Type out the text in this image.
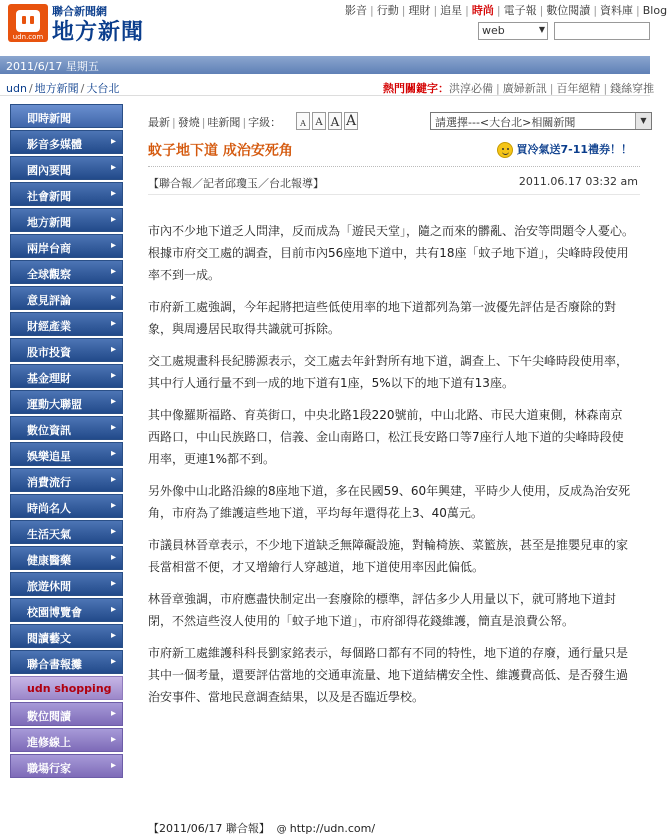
udn.com
聯合新聞網
地方新聞
影音 | 行動 | 理財 | 追星 | 時尚 | 電子報 | 數位閱讀 | 資料庫 | Blog
web	▼
2011/6/17 星期五
udn / 地方新聞 / 大台北	熱門關鍵字：洪淳必備 | 廣婦新訊 | 百年絕精 | 錢絲穿推
即時新聞
影音多媒體	▸
國內要聞	▸
社會新聞	▸
地方新聞	▸
兩岸台商	▸
全球觀察	▸
意見評論	▸
財經產業	▸
股市投資	▸
基金理財	▸
運動大聯盟	▸
數位資訊	▸
娛樂追星	▸
消費流行	▸
時尚名人	▸
生活天氣	▸
健康醫藥	▸
旅遊休閒	▸
校園博覽會	▸
閱讀藝文	▸
聯合書報攤	▸
udn shopping
數位閱讀	▸
進修線上	▸
職場行家	▸
最新 | 發燒 | 哇新聞 | 字級：	A A A A	請選擇---<大台北>相關新聞	▼
蚊子地下道 成治安死角	買冷氣送7-11禮券！！
【聯合報／記者邱瓊玉／台北報導】	2011.06.17 03:32 am

市內不少地下道乏人問津，反而成為「遊民天堂」，隨之而來的髒亂、治安等問題令人憂心。根據市府交工處的調查，目前市內56座地下道中，共有18座「蚊子地下道」，尖峰時段使用率不到一成。

市府新工處強調，今年起將把這些低使用率的地下道都列為第一波優先評估是否廢除的對象，與周邊居民取得共識就可拆除。

交工處規畫科長紀勝源表示，交工處去年針對所有地下道，調查上、下午尖峰時段使用率，其中行人通行量不到一成的地下道有1座，5%以下的地下道有13座。

其中像羅斯福路、育英街口，中央北路1段220號前，中山北路、市民大道東側，林森南京西路口，中山民族路口，信義、金山南路口，松江長安路口等7座行人地下道的尖峰時段使用率，更連1%都不到。

另外像中山北路沿線的8座地下道，多在民國59、60年興建，平時少人使用，反成為治安死角，市府為了維護這些地下道，平均每年還得花上3、40萬元。

市議員林晉章表示，不少地下道缺乏無障礙設施，對輪椅族、菜籃族，甚至是推嬰兒車的家長當相當不便，才又增繪行人穿越道，地下道使用率因此偏低。

林晉章強調，市府應盡快制定出一套廢除的標準，評估多少人用量以下，就可將地下道封閉，不然這些沒人使用的「蚊子地下道」，市府卻得花錢維護，簡直是浪費公帑。

市府新工處維護科科長劉家銘表示，每個路口都有不同的特性，地下道的存廢，通行量只是其中一個考量，還要評估當地的交通車流量、地下道結構安全性、維護費高低、是否發生過治安事件、當地民意調查結果，以及是否臨近學校。

【2011/06/17 聯合報】  @ http://udn.com/
